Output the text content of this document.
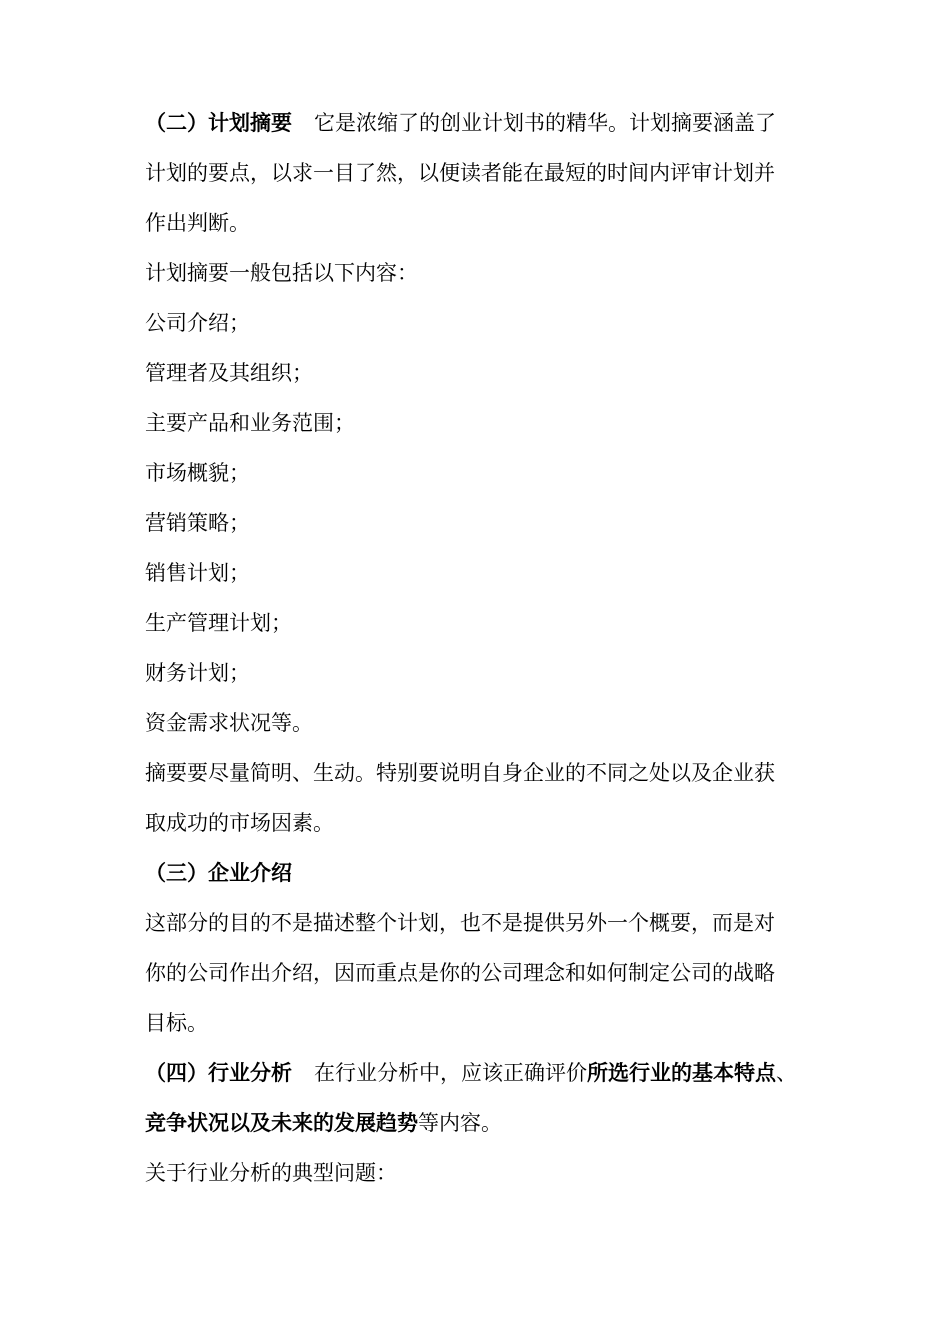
（二）计划摘要 它是浓缩了的创业计划书的精华。计划摘要涵盖了
计划的要点，以求一目了然，以便读者能在最短的时间内评审计划并
作出判断。
计划摘要一般包括以下内容：
公司介绍；
管理者及其组织；
主要产品和业务范围；
市场概貌；
营销策略；
销售计划；
生产管理计划；
财务计划；
资金需求状况等。
摘要要尽量简明、生动。特别要说明自身企业的不同之处以及企业获
取成功的市场因素。
（三）企业介绍
这部分的目的不是描述整个计划，也不是提供另外一个概要，而是对
你的公司作出介绍，因而重点是你的公司理念和如何制定公司的战略
目标。
（四）行业分析 在行业分析中，应该正确评价所选行业的基本特点、
竞争状况以及未来的发展趋势等内容。
关于行业分析的典型问题：
